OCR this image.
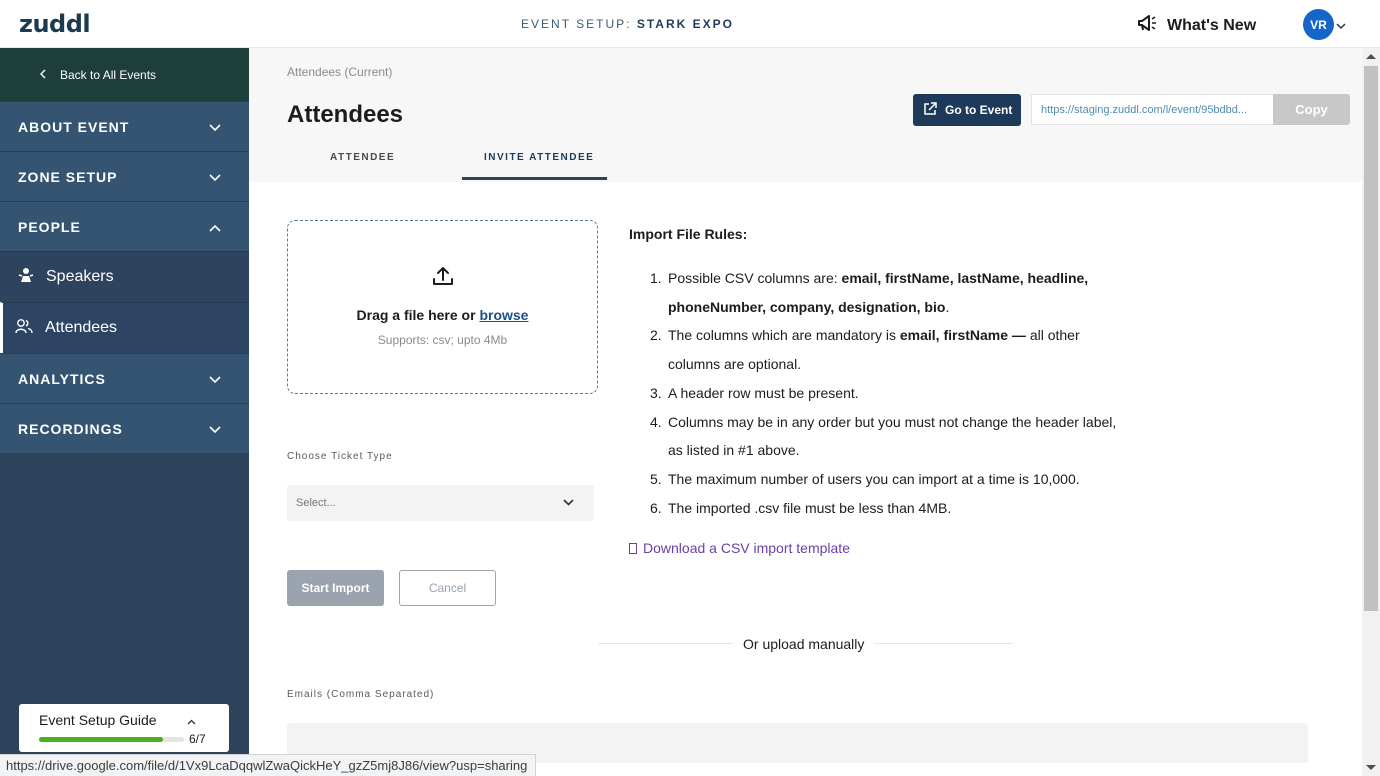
zuddl	EVENT SETUP: STARK EXPO	What's New	VR
Back to All Events
ABOUT EVENT
ZONE SETUP
PEOPLE
Speakers
Attendees
ANALYTICS
RECORDINGS
Event Setup Guide
6/7
Attendees (Current)
Attendees	Go to Event	https://staging.zuddl.com/l/event/95bdbd...	Copy
ATTENDEE	INVITE ATTENDEE
Drag a file here or browse
Supports: csv; upto 4Mb
Choose Ticket Type
Select...
Start Import	Cancel
Import File Rules:
1. Possible CSV columns are: email, firstName, lastName, headline,
phoneNumber, company, designation, bio.
2. The columns which are mandatory is email, firstName — all other
columns are optional.
3. A header row must be present.
4. Columns may be in any order but you must not change the header label,
as listed in #1 above.
5. The maximum number of users you can import at a time is 10,000.
6. The imported .csv file must be less than 4MB.
Download a CSV import template
Or upload manually
Emails (Comma Separated)
https://drive.google.com/file/d/1Vx9LcaDqqwlZwaQickHeY_gzZ5mj8J86/view?usp=sharing
